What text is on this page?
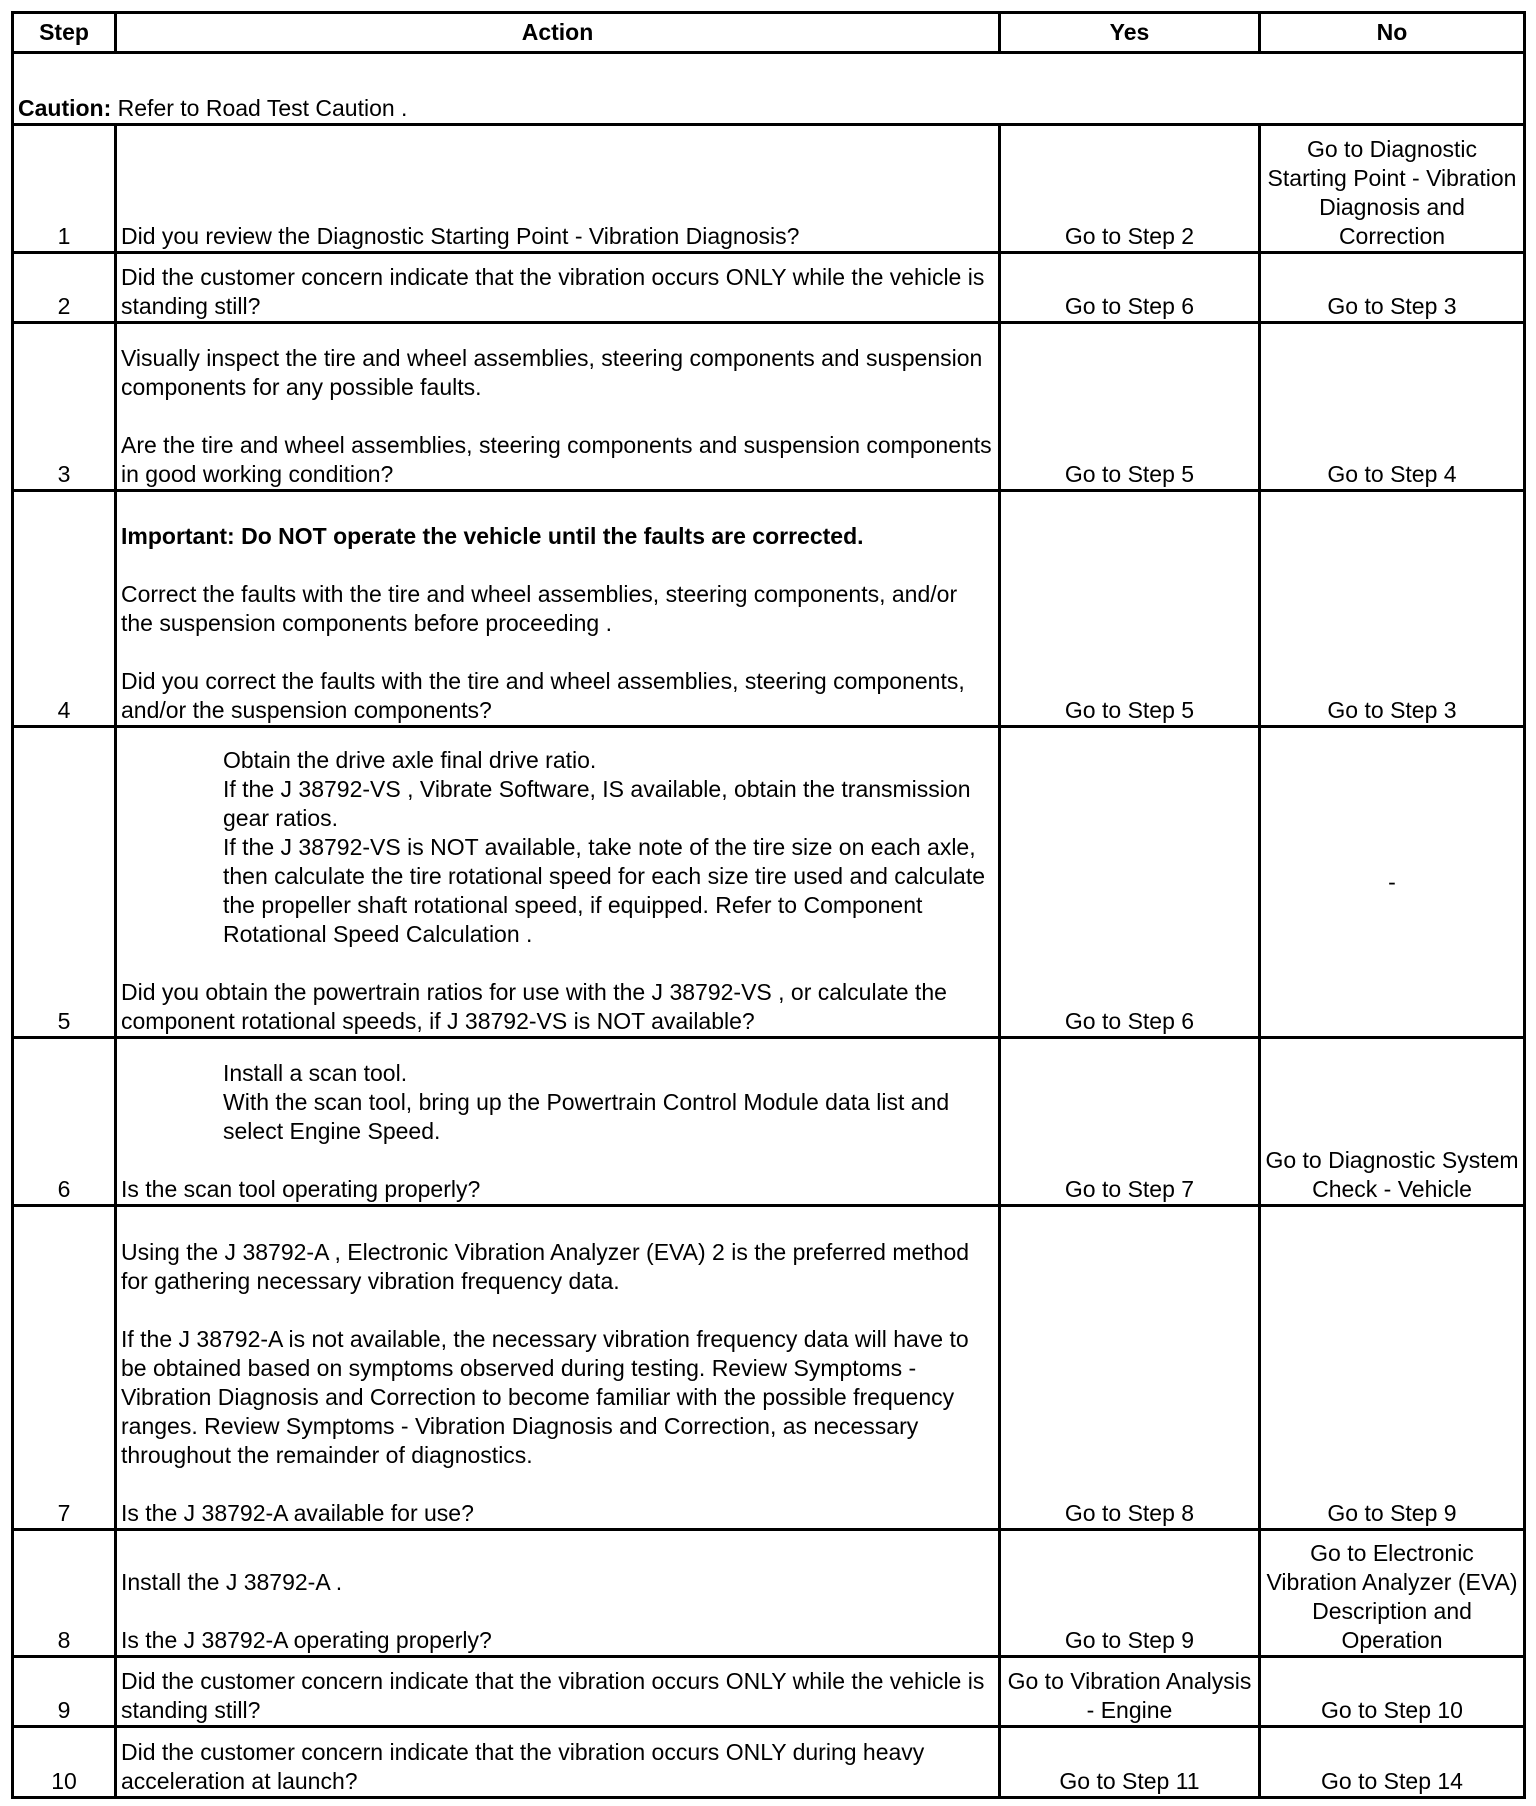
Step	Action	Yes	No
Caution: Refer to Road Test Caution .			
1	Did you review the Diagnostic Starting Point - Vibration Diagnosis?	Go to Step 2	Go to Diagnostic Starting Point - Vibration Diagnosis and Correction
2	Did the customer concern indicate that the vibration occurs ONLY while the vehicle is standing still?	Go to Step 6	Go to Step 3
3	Visually inspect the tire and wheel assemblies, steering components and suspension components for any possible faults.
Are the tire and wheel assemblies, steering components and suspension components in good working condition?	Go to Step 5	Go to Step 4
4	Important: Do NOT operate the vehicle until the faults are corrected.
Correct the faults with the tire and wheel assemblies, steering components, and/or the suspension components before proceeding .
Did you correct the faults with the tire and wheel assemblies, steering components, and/or the suspension components?	Go to Step 5	Go to Step 3
5	Obtain the drive axle final drive ratio.
If the J 38792-VS , Vibrate Software, IS available, obtain the transmission gear ratios.
If the J 38792-VS is NOT available, take note of the tire size on each axle, then calculate the tire rotational speed for each size tire used and calculate the propeller shaft rotational speed, if equipped. Refer to Component Rotational Speed Calculation .
Did you obtain the powertrain ratios for use with the J 38792-VS , or calculate the component rotational speeds, if J 38792-VS is NOT available?	Go to Step 6	-
6	Install a scan tool.
With the scan tool, bring up the Powertrain Control Module data list and select Engine Speed.
Is the scan tool operating properly?	Go to Step 7	Go to Diagnostic System Check - Vehicle
7	Using the J 38792-A , Electronic Vibration Analyzer (EVA) 2 is the preferred method for gathering necessary vibration frequency data.
If the J 38792-A is not available, the necessary vibration frequency data will have to be obtained based on symptoms observed during testing. Review Symptoms - Vibration Diagnosis and Correction to become familiar with the possible frequency ranges. Review Symptoms - Vibration Diagnosis and Correction, as necessary throughout the remainder of diagnostics.
Is the J 38792-A available for use?	Go to Step 8	Go to Step 9
8	Install the J 38792-A .
Is the J 38792-A operating properly?	Go to Step 9	Go to Electronic Vibration Analyzer (EVA) Description and Operation
9	Did the customer concern indicate that the vibration occurs ONLY while the vehicle is standing still?	Go to Vibration Analysis - Engine	Go to Step 10
10	Did the customer concern indicate that the vibration occurs ONLY during heavy acceleration at launch?	Go to Step 11	Go to Step 14
